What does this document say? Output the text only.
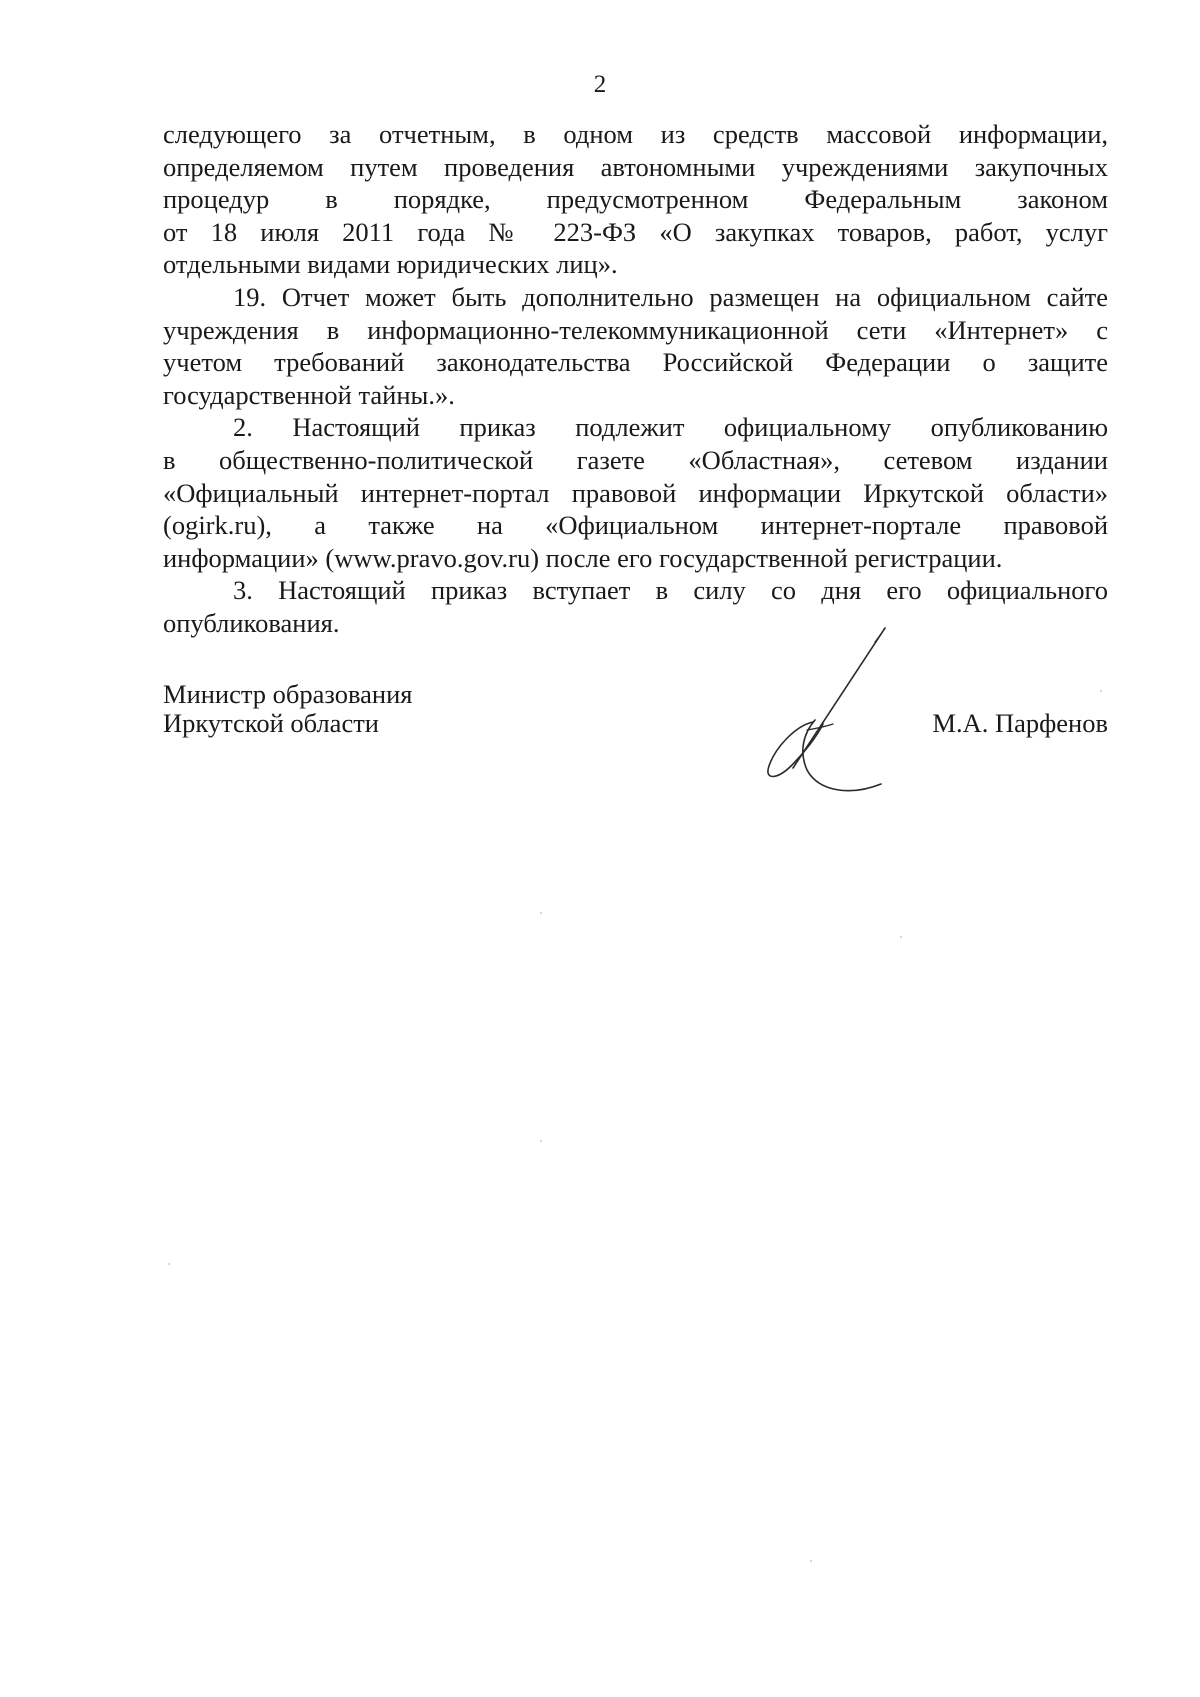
2
следующего за отчетным, в одном из средств массовой информации,
определяемом путем проведения автономными учреждениями закупочных
процедур в порядке, предусмотренном Федеральным законом
от 18 июля 2011 года № 223-ФЗ «О закупках товаров, работ, услуг
отдельными видами юридических лиц».
19. Отчет может быть дополнительно размещен на официальном сайте
учреждения в информационно-телекоммуникационной сети «Интернет» с
учетом требований законодательства Российской Федерации о защите
государственной тайны.».
2. Настоящий приказ подлежит официальному опубликованию
в общественно-политической газете «Областная», сетевом издании
«Официальный интернет-портал правовой информации Иркутской области»
(ogirk.ru), а также на «Официальном интернет-портале правовой
информации» (www.pravo.gov.ru) после его государственной регистрации.
3. Настоящий приказ вступает в силу со дня его официального
опубликования.
Министр образования
Иркутской области	М.А. Парфенов
